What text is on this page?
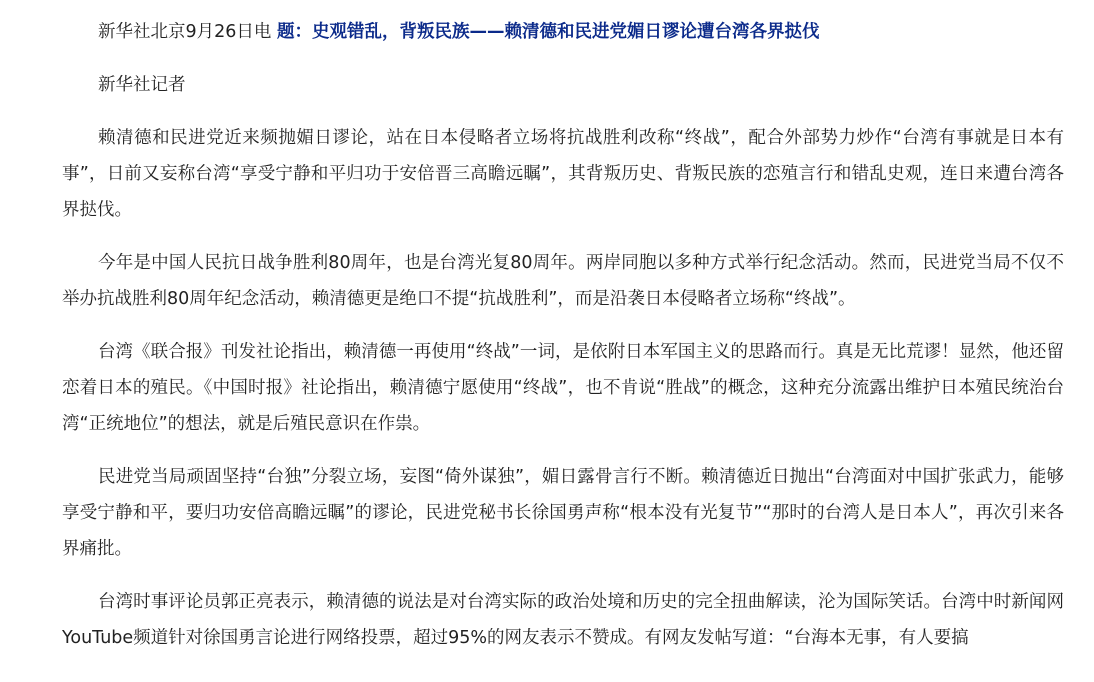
新华社北京9月26日电 题：史观错乱，背叛民族——赖清德和民进党媚日谬论遭台湾各界挞伐

新华社记者

赖清德和民进党近来频抛媚日谬论，站在日本侵略者立场将抗战胜利改称“终战”，配合外部势力炒作“台湾有事就是日本有事”，日前又妄称台湾“享受宁静和平归功于安倍晋三高瞻远瞩”，其背叛历史、背叛民族的恋殖言行和错乱史观，连日来遭台湾各界挞伐。

今年是中国人民抗日战争胜利80周年，也是台湾光复80周年。两岸同胞以多种方式举行纪念活动。然而，民进党当局不仅不举办抗战胜利80周年纪念活动，赖清德更是绝口不提“抗战胜利”，而是沿袭日本侵略者立场称“终战”。

台湾《联合报》刊发社论指出，赖清德一再使用“终战”一词，是依附日本军国主义的思路而行。真是无比荒谬！显然，他还留恋着日本的殖民。《中国时报》社论指出，赖清德宁愿使用“终战”，也不肯说“胜战”的概念，这种充分流露出维护日本殖民统治台湾“正统地位”的想法，就是后殖民意识在作祟。

民进党当局顽固坚持“台独”分裂立场，妄图“倚外谋独”，媚日露骨言行不断。赖清德近日抛出“台湾面对中国扩张武力，能够享受宁静和平，要归功安倍高瞻远瞩”的谬论，民进党秘书长徐国勇声称“根本没有光复节”“那时的台湾人是日本人”，再次引来各界痛批。

台湾时事评论员郭正亮表示，赖清德的说法是对台湾实际的政治处境和历史的完全扭曲解读，沦为国际笑话。台湾中时新闻网YouTube频道针对徐国勇言论进行网络投票，超过95%的网友表示不赞成。有网友发帖写道：“台海本无事，有人要搞
